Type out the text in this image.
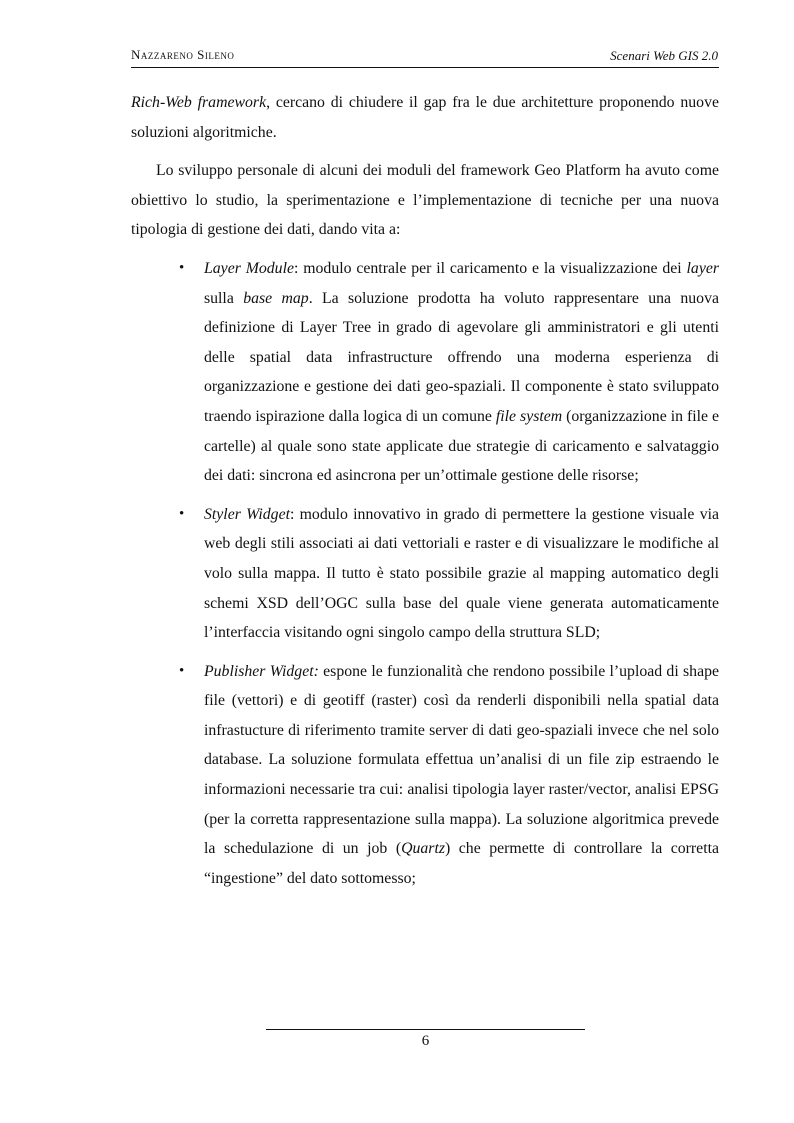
Nazzareno Sileno	Scenari Web GIS 2.0

Rich-Web framework, cercano di chiudere il gap fra le due architetture proponendo nuove soluzioni algoritmiche.

Lo sviluppo personale di alcuni dei moduli del framework Geo Platform ha avuto come obiettivo lo studio, la sperimentazione e l’implementazione di tecniche per una nuova tipologia di gestione dei dati, dando vita a:

• Layer Module: modulo centrale per il caricamento e la visualizzazione dei layer sulla base map. La soluzione prodotta ha voluto rappresentare una nuova definizione di Layer Tree in grado di agevolare gli amministratori e gli utenti delle spatial data infrastructure offrendo una moderna esperienza di organizzazione e gestione dei dati geo-spaziali. Il componente è stato sviluppato traendo ispirazione dalla logica di un comune file system (organizzazione in file e cartelle) al quale sono state applicate due strategie di caricamento e salvataggio dei dati: sincrona ed asincrona per un’ottimale gestione delle risorse;
• Styler Widget: modulo innovativo in grado di permettere la gestione visuale via web degli stili associati ai dati vettoriali e raster e di visualizzare le modifiche al volo sulla mappa. Il tutto è stato possibile grazie al mapping automatico degli schemi XSD dell’OGC sulla base del quale viene generata automaticamente l’interfaccia visitando ogni singolo campo della struttura SLD;
• Publisher Widget: espone le funzionalità che rendono possibile l’upload di shape file (vettori) e di geotiff (raster) così da renderli disponibili nella spatial data infrastucture di riferimento tramite server di dati geo-spaziali invece che nel solo database. La soluzione formulata effettua un’analisi di un file zip estraendo le informazioni necessarie tra cui: analisi tipologia layer raster/vector, analisi EPSG (per la corretta rappresentazione sulla mappa). La soluzione algoritmica prevede la schedulazione di un job (Quartz) che permette di controllare la corretta “ingestione” del dato sottomesso;
6
